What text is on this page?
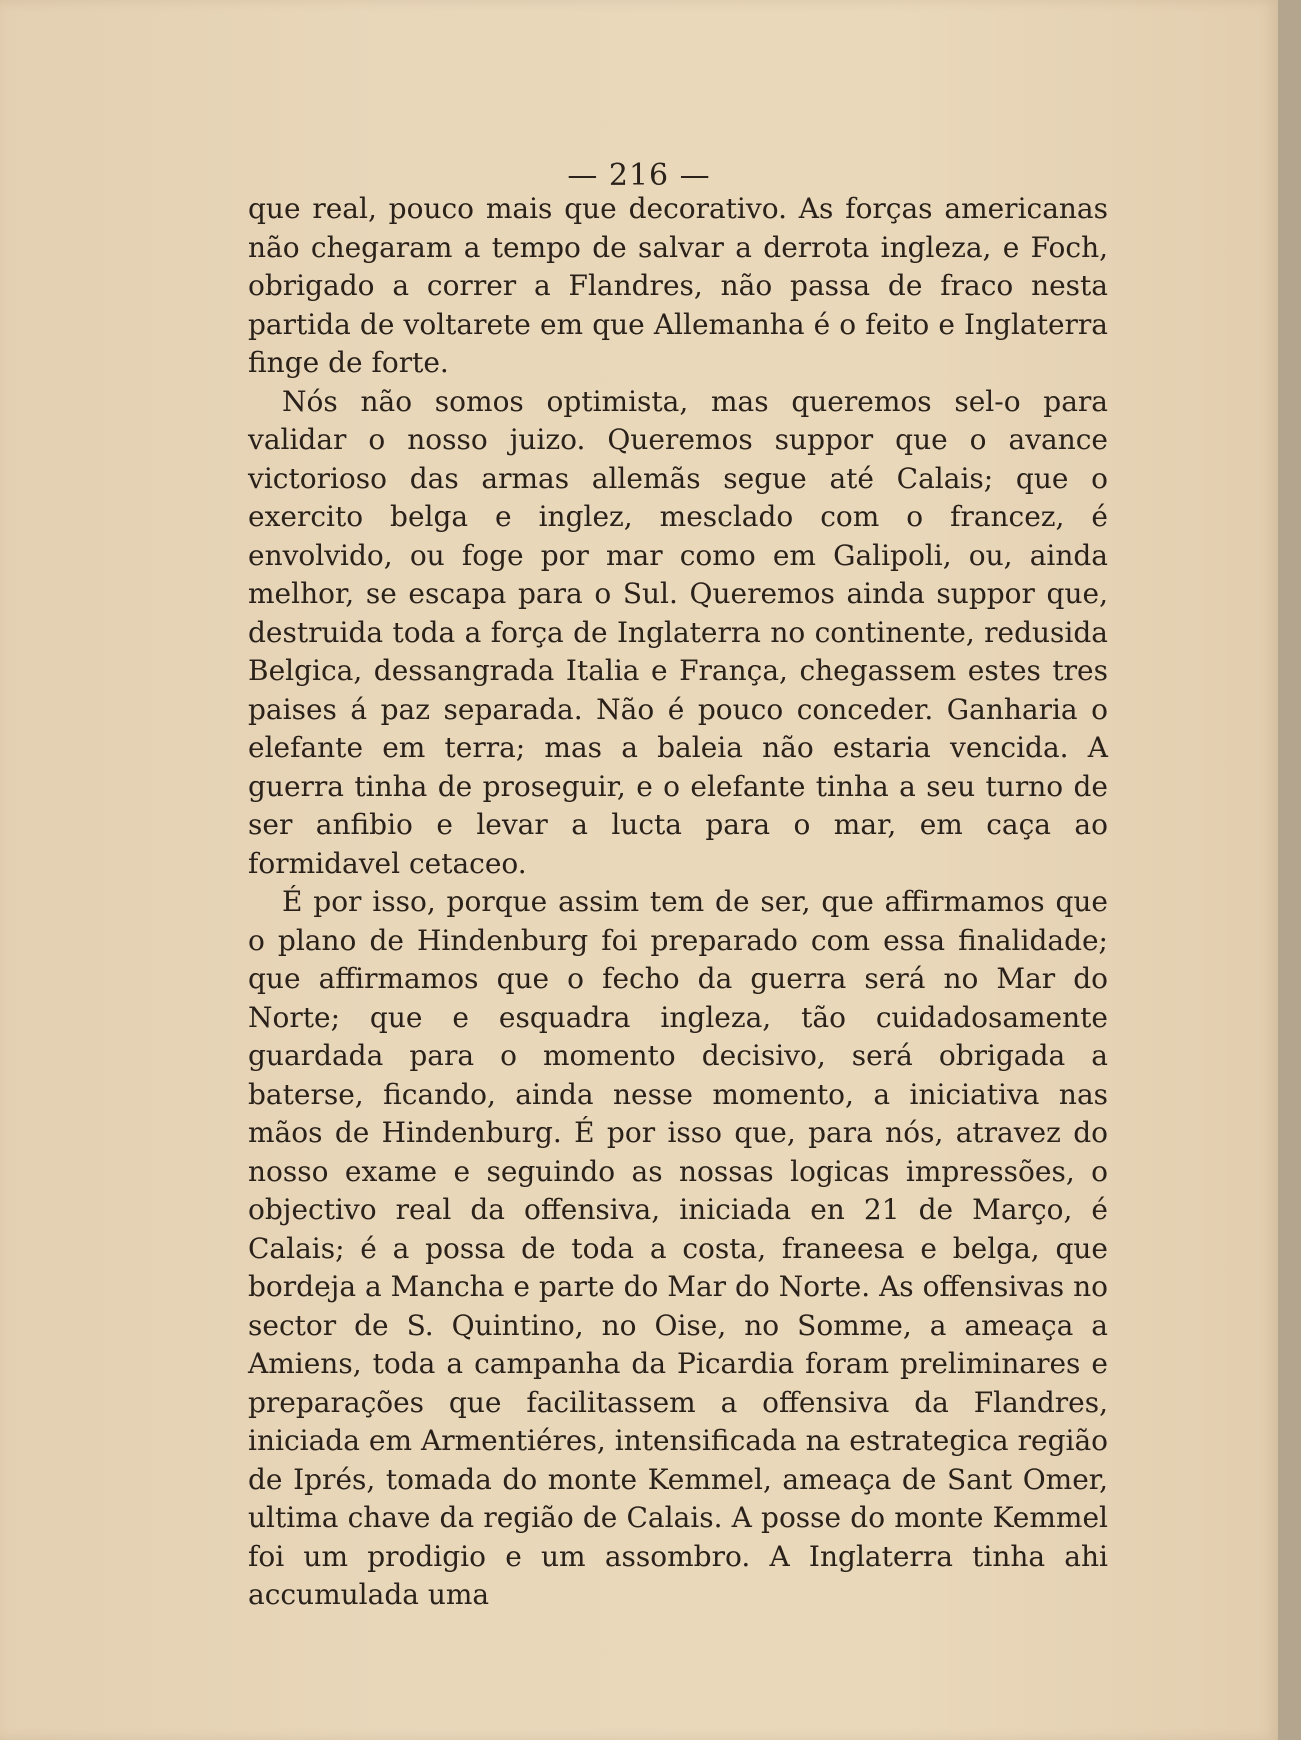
— 216 —

que real, pouco mais que decorativo. As forças americanas não chegaram a tempo de salvar a derrota ingleza, e Foch, obrigado a correr a Flandres, não passa de fraco nesta partida de voltarete em que Allemanha é o feito e Inglaterra finge de forte.

Nós não somos optimista, mas queremos sel-o para validar o nosso juizo. Queremos suppor que o avance victorioso das armas allemãs segue até Calais; que o exercito belga e inglez, mesclado com o francez, é envolvido, ou foge por mar como em Galipoli, ou, ainda melhor, se escapa para o Sul. Queremos ainda suppor que, destruida toda a força de Inglaterra no continente, redusida Belgica, dessangrada Italia e França, chegassem estes tres paises á paz separada. Não é pouco conceder. Ganharia o elefante em terra; mas a baleia não estaria vencida. A guerra tinha de proseguir, e o elefante tinha a seu turno de ser anfibio e levar a lucta para o mar, em caça ao formidavel cetaceo.

É por isso, porque assim tem de ser, que affirmamos que o plano de Hindenburg foi preparado com essa finalidade; que affirmamos que o fecho da guerra será no Mar do Norte; que e esquadra ingleza, tão cuidadosamente guardada para o momento decisivo, será obrigada a baterse, ficando, ainda nesse momento, a iniciativa nas mãos de Hindenburg. É por isso que, para nós, atravez do nosso exame e seguindo as nossas logicas impressões, o objectivo real da offensiva, iniciada en 21 de Março, é Calais; é a possa de toda a costa, franeesa e belga, que bordeja a Mancha e parte do Mar do Norte. As offensivas no sector de S. Quintino, no Oise, no Somme, a ameaça a Amiens, toda a campanha da Picardia foram preliminares e preparações que facilitassem a offensiva da Flandres, iniciada em Armentiéres, intensificada na estrategica região de Iprés, tomada do monte Kemmel, ameaça de Sant Omer, ultima chave da região de Calais. A posse do monte Kemmel foi um prodigio e um assombro. A Inglaterra tinha ahi accumulada uma
